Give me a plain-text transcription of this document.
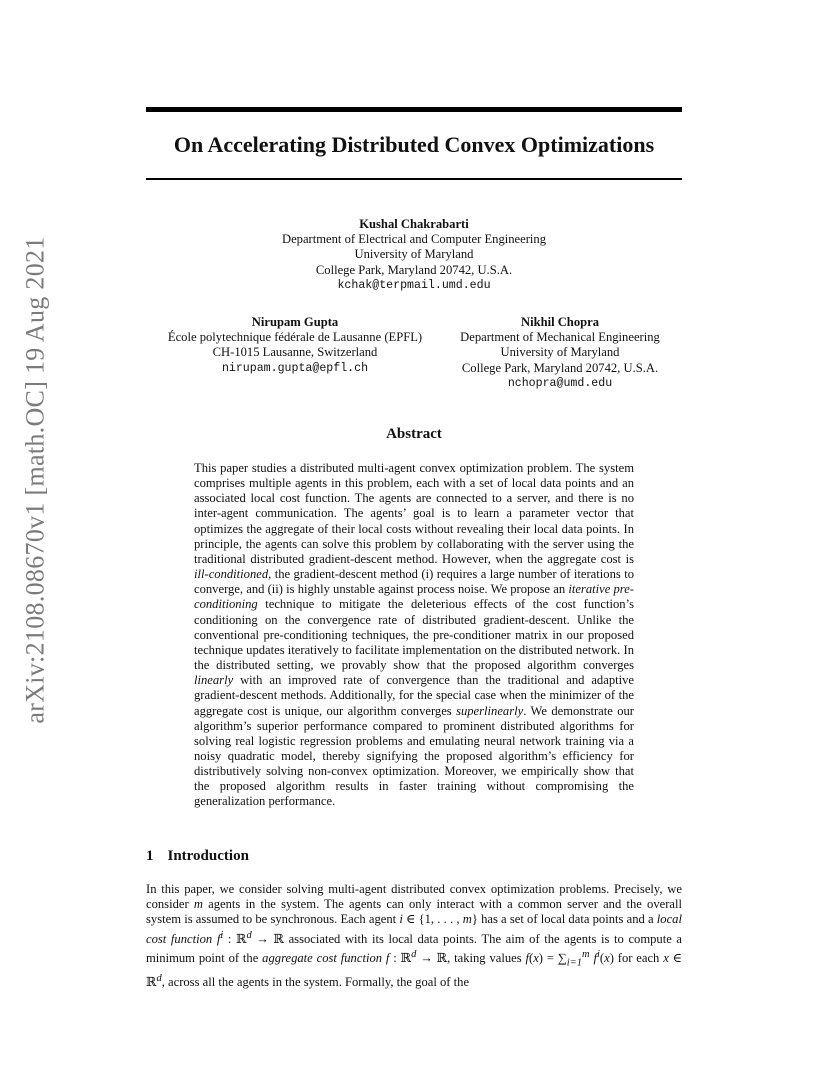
arXiv:2108.08670v1 [math.OC] 19 Aug 2021
On Accelerating Distributed Convex Optimizations
Kushal Chakrabarti
Department of Electrical and Computer Engineering
University of Maryland
College Park, Maryland 20742, U.S.A.
kchak@terpmail.umd.edu
Nirupam Gupta
École polytechnique fédérale de Lausanne (EPFL)
CH-1015 Lausanne, Switzerland
nirupam.gupta@epfl.ch
Nikhil Chopra
Department of Mechanical Engineering
University of Maryland
College Park, Maryland 20742, U.S.A.
nchopra@umd.edu
Abstract

This paper studies a distributed multi-agent convex optimization problem. The system comprises multiple agents in this problem, each with a set of local data points and an associated local cost function. The agents are connected to a server, and there is no inter-agent communication. The agents’ goal is to learn a parameter vector that optimizes the aggregate of their local costs without revealing their local data points. In principle, the agents can solve this problem by collaborating with the server using the traditional distributed gradient-descent method. However, when the aggregate cost is ill-conditioned, the gradient-descent method (i) requires a large number of iterations to converge, and (ii) is highly unstable against process noise. We propose an iterative pre-conditioning technique to mitigate the deleterious effects of the cost function’s conditioning on the convergence rate of distributed gradient-descent. Unlike the conventional pre-conditioning techniques, the pre-conditioner matrix in our proposed technique updates iteratively to facilitate implementation on the distributed network. In the distributed setting, we provably show that the proposed algorithm converges linearly with an improved rate of convergence than the traditional and adaptive gradient-descent methods. Additionally, for the special case when the minimizer of the aggregate cost is unique, our algorithm converges superlinearly. We demonstrate our algorithm’s superior performance compared to prominent distributed algorithms for solving real logistic regression problems and emulating neural network training via a noisy quadratic model, thereby signifying the proposed algorithm’s efficiency for distributively solving non-convex optimization. Moreover, we empirically show that the proposed algorithm results in faster training without compromising the generalization performance.

1 Introduction

In this paper, we consider solving multi-agent distributed convex optimization problems. Precisely, we consider m agents in the system. The agents can only interact with a common server and the overall system is assumed to be synchronous. Each agent i ∈ {1, . . . , m} has a set of local data points and a local cost function $f^i$ : ℝ$^d$ → ℝ associated with its local data points. The aim of the agents is to compute a minimum point of the aggregate cost function f : ℝ$^d$ → ℝ, taking values $f(x) = \sum_{i=1}^m$ $f^i(x)$ for each x ∈ ℝ$^d$, across all the agents in the system. Formally, the goal of the
